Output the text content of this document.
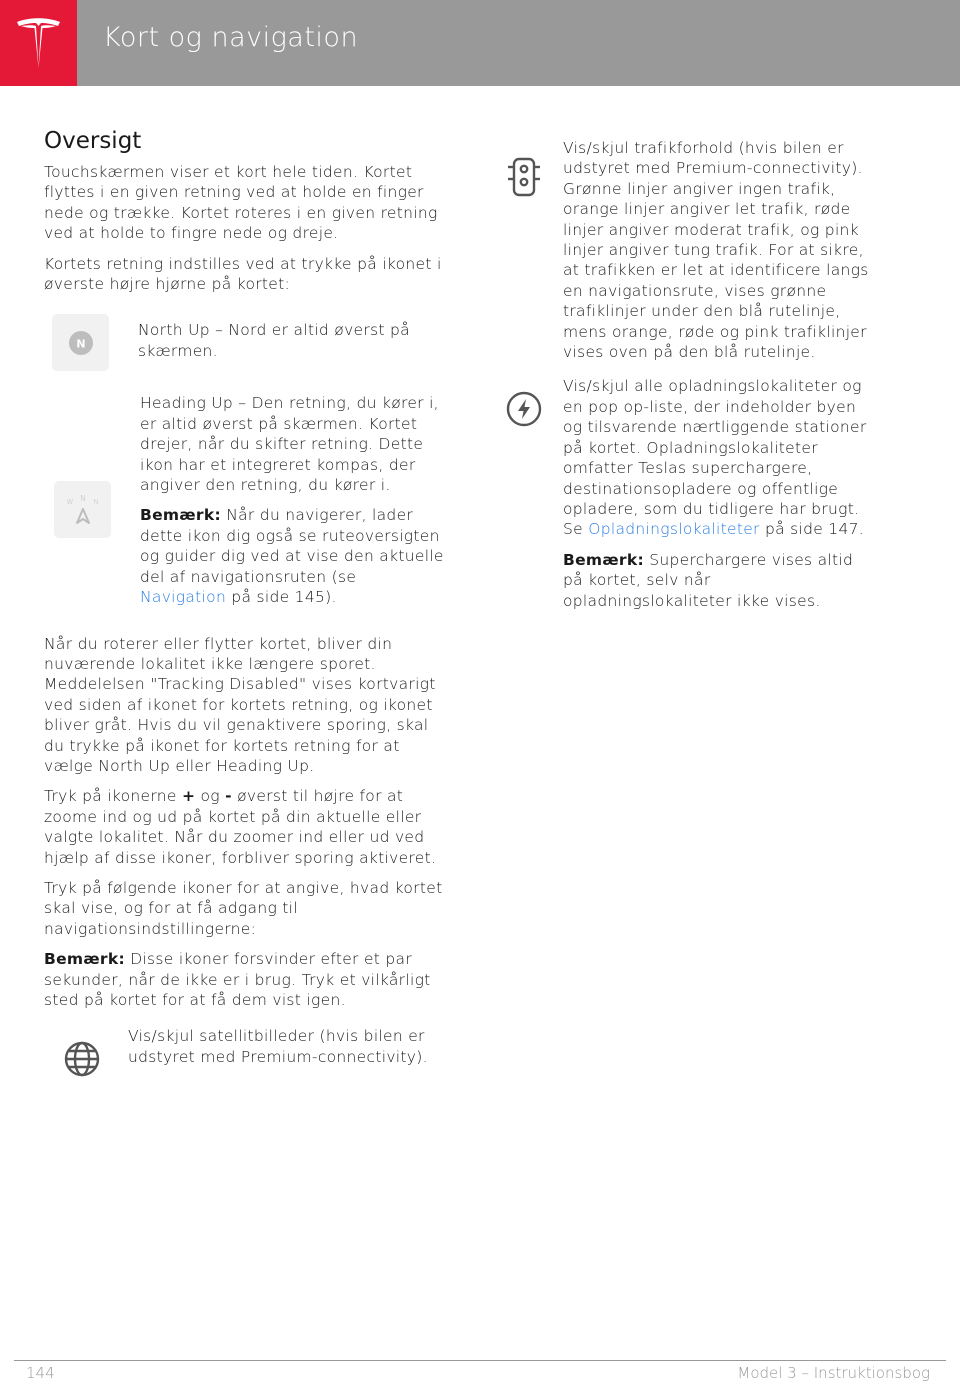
Kort og navigation
Oversigt

Touchskærmen viser et kort hele tiden. Kortet flyttes i en given retning ved at holde en finger nede og trække. Kortet roteres i en given retning ved at holde to fingre nede og dreje.

Kortets retning indstilles ved at trykke på ikonet i øverste højre hjørne på kortet:

N

North Up – Nord er altid øverst på skærmen.

N
W	N

Heading Up – Den retning, du kører i, er altid øverst på skærmen. Kortet drejer, når du skifter retning. Dette ikon har et integreret kompas, der angiver den retning, du kører i.

Bemærk: Når du navigerer, lader dette ikon dig også se ruteoversigten og guider dig ved at vise den aktuelle del af navigationsruten (se Navigation på side 145).

Når du roterer eller flytter kortet, bliver din nuværende lokalitet ikke længere sporet. Meddelelsen "Tracking Disabled" vises kortvarigt ved siden af ikonet for kortets retning, og ikonet bliver gråt. Hvis du vil genaktivere sporing, skal du trykke på ikonet for kortets retning for at vælge North Up eller Heading Up.

Tryk på ikonerne + og - øverst til højre for at zoome ind og ud på kortet på din aktuelle eller valgte lokalitet. Når du zoomer ind eller ud ved hjælp af disse ikoner, forbliver sporing aktiveret.

Tryk på følgende ikoner for at angive, hvad kortet skal vise, og for at få adgang til navigationsindstillingerne:

Bemærk: Disse ikoner forsvinder efter et par sekunder, når de ikke er i brug. Tryk et vilkårligt sted på kortet for at få dem vist igen.

Vis/skjul satellitbilleder (hvis bilen er udstyret med Premium-connectivity).

Vis/skjul trafikforhold (hvis bilen er udstyret med Premium-connectivity). Grønne linjer angiver ingen trafik, orange linjer angiver let trafik, røde linjer angiver moderat trafik, og pink linjer angiver tung trafik. For at sikre, at trafikken er let at identificere langs en navigationsrute, vises grønne trafiklinjer under den blå rutelinje, mens orange, røde og pink trafiklinjer vises oven på den blå rutelinje.

Vis/skjul alle opladningslokaliteter og en pop op-liste, der indeholder byen og tilsvarende nærtliggende stationer på kortet. Opladningslokaliteter omfatter Teslas superchargere, destinationsopladere og offentlige opladere, som du tidligere har brugt. Se Opladningslokaliteter på side 147.

Bemærk: Superchargere vises altid på kortet, selv når opladningslokaliteter ikke vises.

144	Model 3 – Instruktionsbog
